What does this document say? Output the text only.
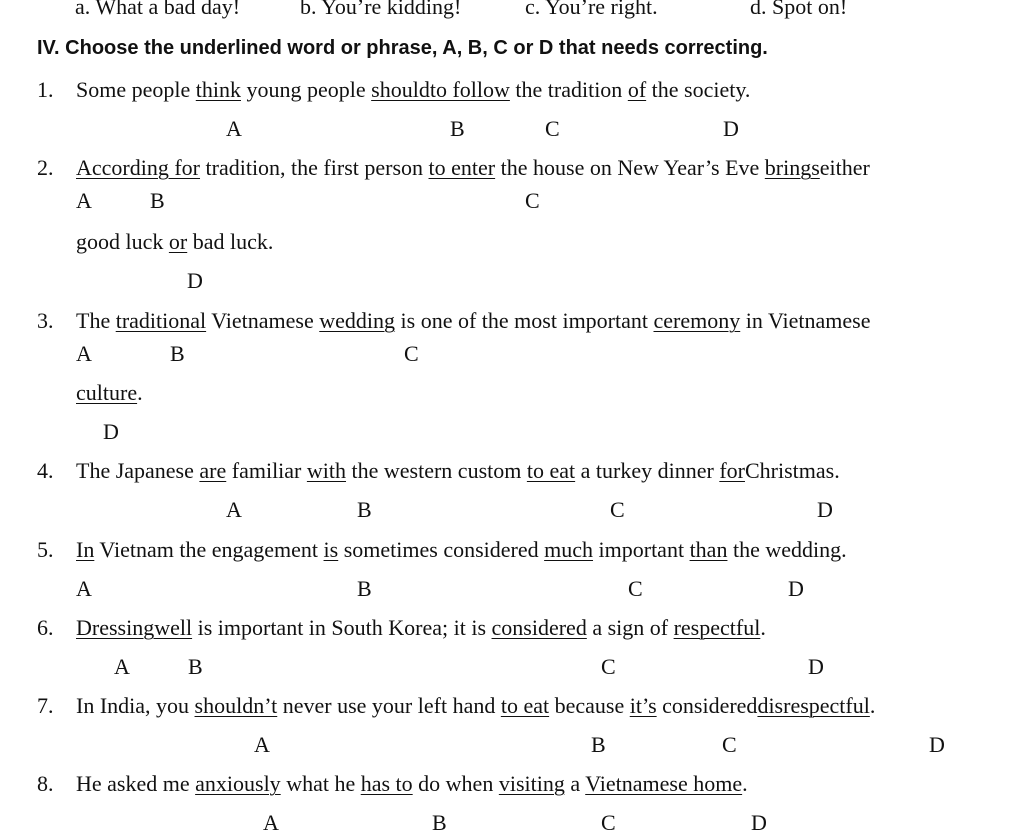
a. What a bad day!	b. You’re kidding!	c. You’re right.	d. Spot on!
IV. Choose the underlined word or phrase, A, B, C or D that needs correcting.
1. Some people think young people shouldto follow the tradition of the society.
A	B	C	D
2. According for tradition, the first person to enter the house on New Year’s Eve bringseither
A	B	C
good luck or bad luck.
D
3. The traditional Vietnamese wedding is one of the most important ceremony in Vietnamese
A	B	C
culture.
D
4. The Japanese are familiar with the western custom to eat a turkey dinner forChristmas.
A	B	C	D
5. In Vietnam the engagement is sometimes considered much important than the wedding.
A	B	C	D
6. Dressingwell is important in South Korea; it is considered a sign of respectful.
A	B	C	D
7. In India, you shouldn’t never use your left hand to eat because it’s considereddisrespectful.
A	B	C	D
8. He asked me anxiously what he has to do when visiting a Vietnamese home.
A	B	C	D
